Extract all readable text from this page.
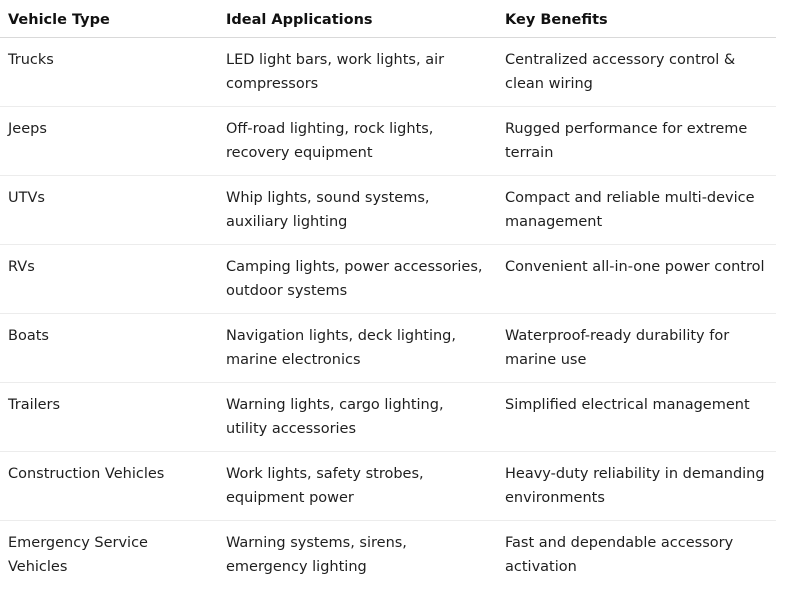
Vehicle Type	Ideal Applications	Key Benefits
Trucks	LED light bars, work lights, air compressors	Centralized accessory control & clean wiring
Jeeps	Off-road lighting, rock lights, recovery equipment	Rugged performance for extreme terrain
UTVs	Whip lights, sound systems, auxiliary lighting	Compact and reliable multi-device management
RVs	Camping lights, power accessories, outdoor systems	Convenient all-in-one power control
Boats	Navigation lights, deck lighting, marine electronics	Waterproof-ready durability for marine use
Trailers	Warning lights, cargo lighting, utility accessories	Simplified electrical management
Construction Vehicles	Work lights, safety strobes, equipment power	Heavy-duty reliability in demanding environments
Emergency Service Vehicles	Warning systems, sirens, emergency lighting	Fast and dependable accessory activation
